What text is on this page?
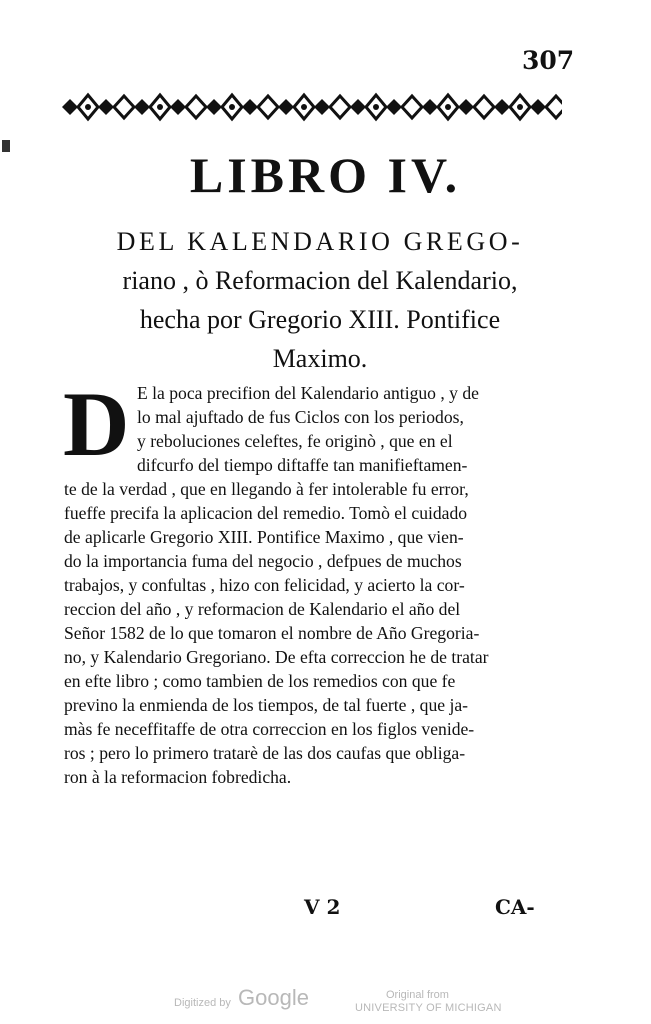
307
LIBRO IV.
DEL KALENDARIO GREGO-
riano , ò Reformacion del Kalendario,
hecha por Gregorio XIII. Pontifice
Maximo.
D E la poca precifion del Kalendario antiguo , y de
lo mal ajuftado de fus Ciclos con los periodos,
y reboluciones celeftes, fe originò , que en el
difcurfo del tiempo diftaffe tan manifieftamen-
te de la verdad , que en llegando à fer intolerable fu error,
fueffe precifa la aplicacion del remedio. Tomò el cuidado
de aplicarle Gregorio XIII. Pontifice Maximo , que vien-
do la importancia fuma del negocio , defpues de muchos
trabajos, y confultas , hizo con felicidad, y acierto la cor-
reccion del año , y reformacion de Kalendario el año del
Señor 1582 de lo que tomaron el nombre de Año Gregoria-
no, y Kalendario Gregoriano. De efta correccion he de tratar
en efte libro ; como tambien de los remedios con que fe
previno la enmienda de los tiempos, de tal fuerte , que ja-
màs fe neceffitaffe de otra correccion en los figlos venide-
ros ; pero lo primero tratarè de las dos caufas que obliga-
ron à la reformacion fobredicha.
V 2	CA-
Digitized by Google	Original from
UNIVERSITY OF MICHIGAN
